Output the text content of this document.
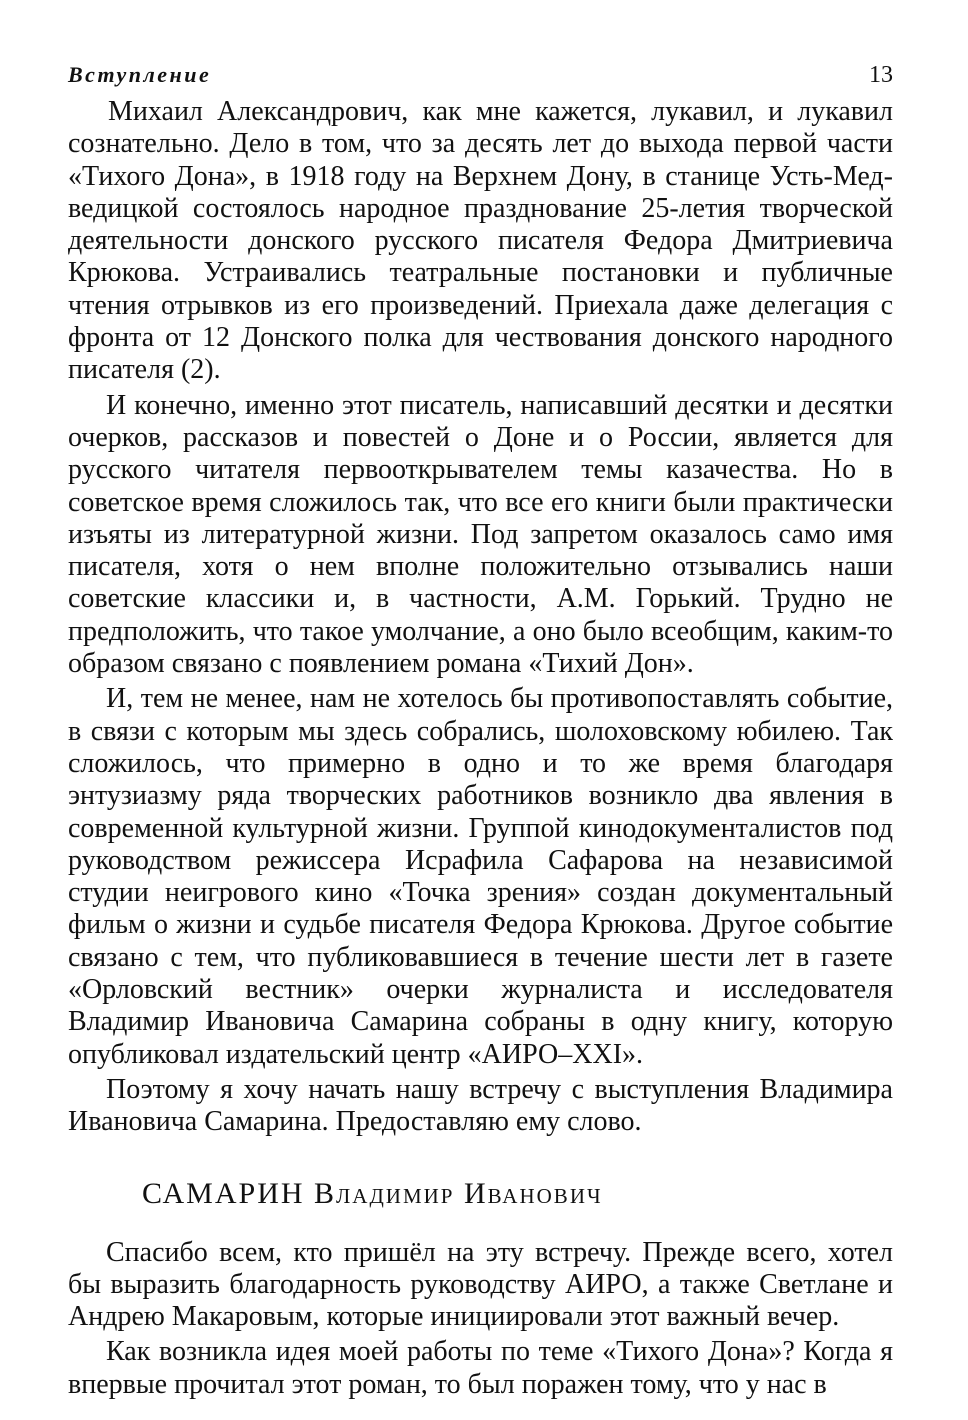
Вступление	13

Михаил Александрович, как мне кажется, лукавил, и лукавил сознательно. Дело в том, что за десять лет до выхода первой части «Тихого Дона», в 1918 году на Верхнем Дону, в станице Усть-Медведицкой состоялось народное празднование 25-летия творческой деятельности донского русского писателя Федора Дмитриевича Крюкова. Устраивались театральные постановки и публичные чтения отрывков из его произведений. Приехала даже делегация с фронта от 12 Донского полка для чествования донского народного писателя (2).

И конечно, именно этот писатель, написавший десятки и десятки очерков, рассказов и повестей о Доне и о России, является для русского читателя первооткрывателем темы казачества. Но в советское время сложилось так, что все его книги были практически изъяты из литературной жизни. Под запретом оказалось само имя писателя, хотя о нем вполне положительно отзывались наши советские классики и, в частности, А.М. Горький. Трудно не предположить, что такое умолчание, а оно было всеобщим, каким-то образом связано с появлением романа «Тихий Дон».

И, тем не менее, нам не хотелось бы противопоставлять событие, в связи с которым мы здесь собрались, шолоховскому юбилею. Так сложилось, что примерно в одно и то же время благодаря энтузиазму ряда творческих работников возникло два явления в современной культурной жизни. Группой кинодокументалистов под руководством режиссера Исрафила Сафарова на независимой студии неигрового кино «Точка зрения» создан документальный фильм о жизни и судьбе писателя Федора Крюкова. Другое событие связано с тем, что публиковавшиеся в течение шести лет в газете «Орловский вестник» очерки журналиста и исследователя Владимир Ивановича Самарина собраны в одну книгу, которую опубликовал издательский центр «АИРО–XXI».

Поэтому я хочу начать нашу встречу с выступления Владимира Ивановича Самарина. Предоставляю ему слово.

САМАРИН Владимир Иванович

Спасибо всем, кто пришёл на эту встречу. Прежде всего, хотел бы выразить благодарность руководству АИРО, а также Светлане и Андрею Макаровым, которые инициировали этот важный вечер.

Как возникла идея моей работы по теме «Тихого Дона»? Когда я впервые прочитал этот роман, то был поражен тому, что у нас в
